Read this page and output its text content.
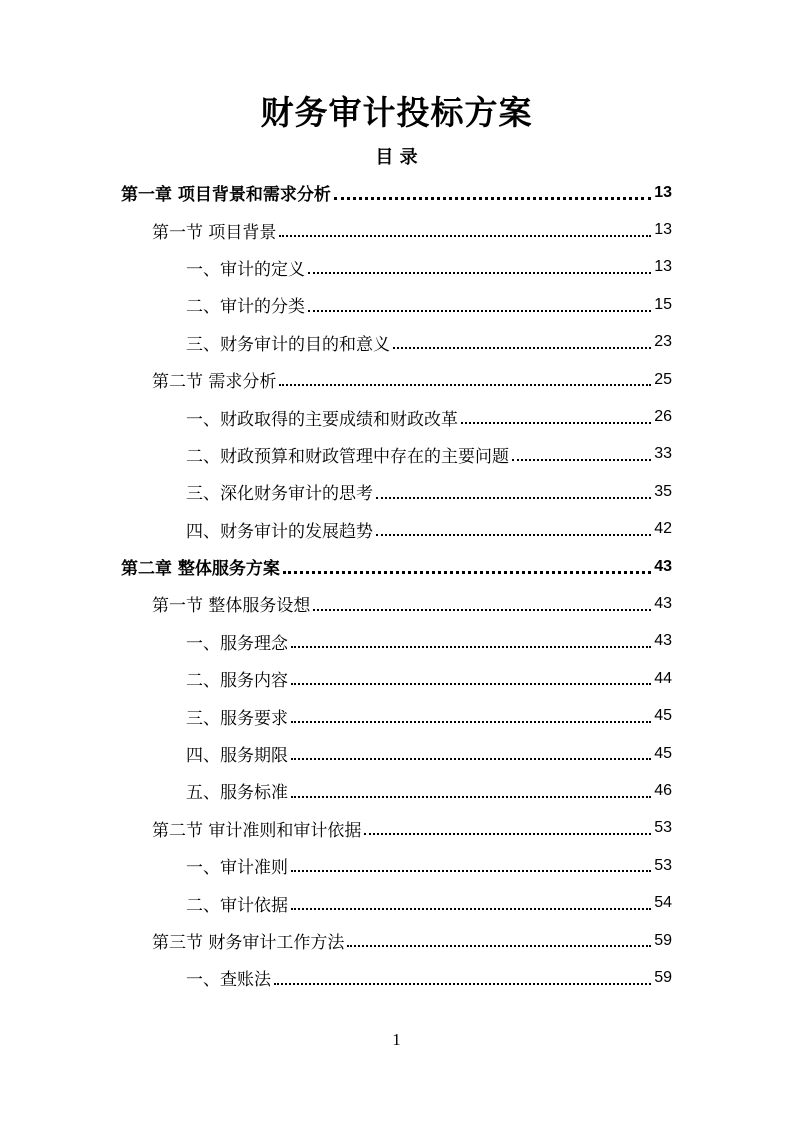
财务审计投标方案
目 录
第一章 项目背景和需求分析	13
第一节 项目背景	13
一、审计的定义	13
二、审计的分类	15
三、财务审计的目的和意义	23
第二节 需求分析	25
一、财政取得的主要成绩和财政改革	26
二、财政预算和财政管理中存在的主要问题	33
三、深化财务审计的思考	35
四、财务审计的发展趋势	42
第二章 整体服务方案	43
第一节 整体服务设想	43
一、服务理念	43
二、服务内容	44
三、服务要求	45
四、服务期限	45
五、服务标准	46
第二节 审计准则和审计依据	53
一、审计准则	53
二、审计依据	54
第三节 财务审计工作方法	59
一、查账法	59
1
